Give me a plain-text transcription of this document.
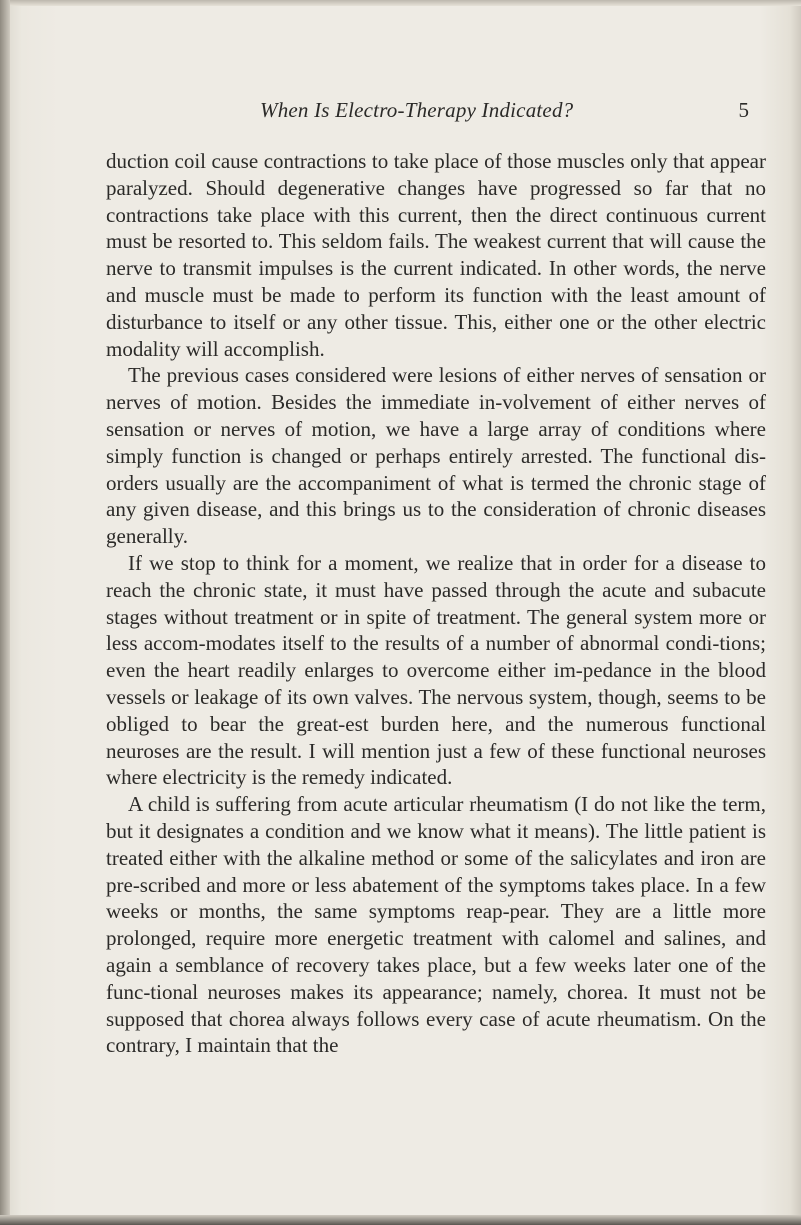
When Is Electro-Therapy Indicated?	5

duction coil cause contractions to take place of those muscles only that appear paralyzed. Should degenerative changes have progressed so far that no contractions take place with this current, then the direct continuous current must be resorted to. This seldom fails. The weakest current that will cause the nerve to transmit impulses is the current indicated. In other words, the nerve and muscle must be made to perform its function with the least amount of disturbance to itself or any other tissue. This, either one or the other electric modality will accomplish.

The previous cases considered were lesions of either nerves of sensation or nerves of motion. Besides the immediate in-volvement of either nerves of sensation or nerves of motion, we have a large array of conditions where simply function is changed or perhaps entirely arrested. The functional dis-orders usually are the accompaniment of what is termed the chronic stage of any given disease, and this brings us to the consideration of chronic diseases generally.

If we stop to think for a moment, we realize that in order for a disease to reach the chronic state, it must have passed through the acute and subacute stages without treatment or in spite of treatment. The general system more or less accom-modates itself to the results of a number of abnormal condi-tions; even the heart readily enlarges to overcome either im-pedance in the blood vessels or leakage of its own valves. The nervous system, though, seems to be obliged to bear the great-est burden here, and the numerous functional neuroses are the result. I will mention just a few of these functional neuroses where electricity is the remedy indicated.

A child is suffering from acute articular rheumatism (I do not like the term, but it designates a condition and we know what it means). The little patient is treated either with the alkaline method or some of the salicylates and iron are pre-scribed and more or less abatement of the symptoms takes place. In a few weeks or months, the same symptoms reap-pear. They are a little more prolonged, require more energetic treatment with calomel and salines, and again a semblance of recovery takes place, but a few weeks later one of the func-tional neuroses makes its appearance; namely, chorea. It must not be supposed that chorea always follows every case of acute rheumatism. On the contrary, I maintain that the
